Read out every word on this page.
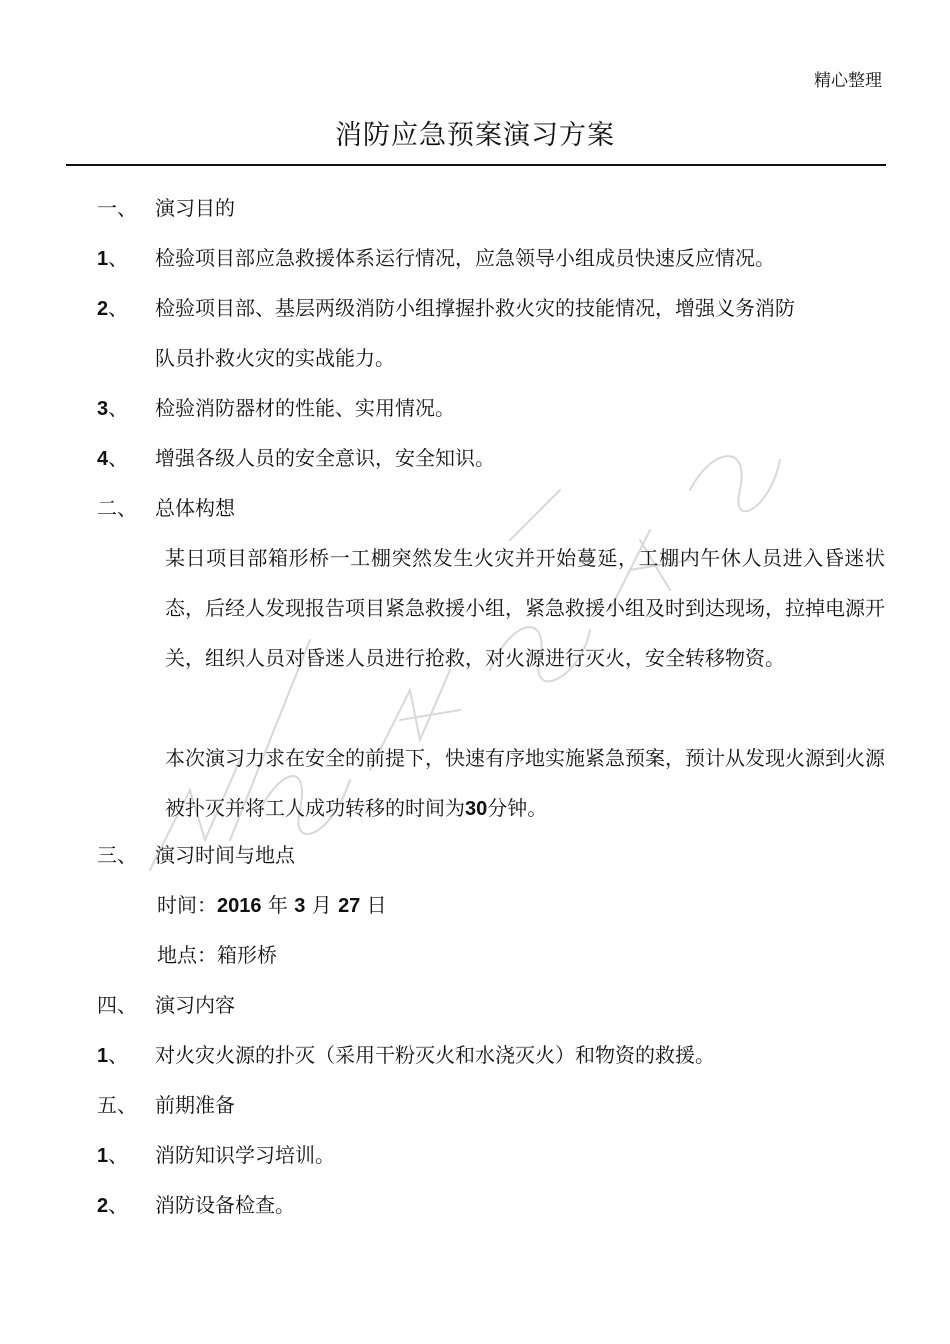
精心整理
消防应急预案演习方案
一、 演习目的
1、 检验项目部应急救援体系运行情况，应急领导小组成员快速反应情况。
2、 检验项目部、基层两级消防小组撑握扑救火灾的技能情况，增强义务消防
队员扑救火灾的实战能力。
3、 检验消防器材的性能、实用情况。
4、 增强各级人员的安全意识，安全知识。
二、 总体构想
某日项目部箱形桥一工棚突然发生火灾并开始蔓延，工棚内午休人员进入昏迷状态，后经人发现报告项目紧急救援小组，紧急救援小组及时到达现场，拉掉电源开关，组织人员对昏迷人员进行抢救，对火源进行灭火，安全转移物资。
本次演习力求在安全的前提下，快速有序地实施紧急预案，预计从发现火源到火源被扑灭并将工人成功转移的时间为30分钟。
三、 演习时间与地点
时间：2016 年 3 月 27 日
地点：箱形桥
四、 演习内容
1、 对火灾火源的扑灭（采用干粉灭火和水浇灭火）和物资的救援。
五、 前期准备
1、 消防知识学习培训。
2、 消防设备检查。
